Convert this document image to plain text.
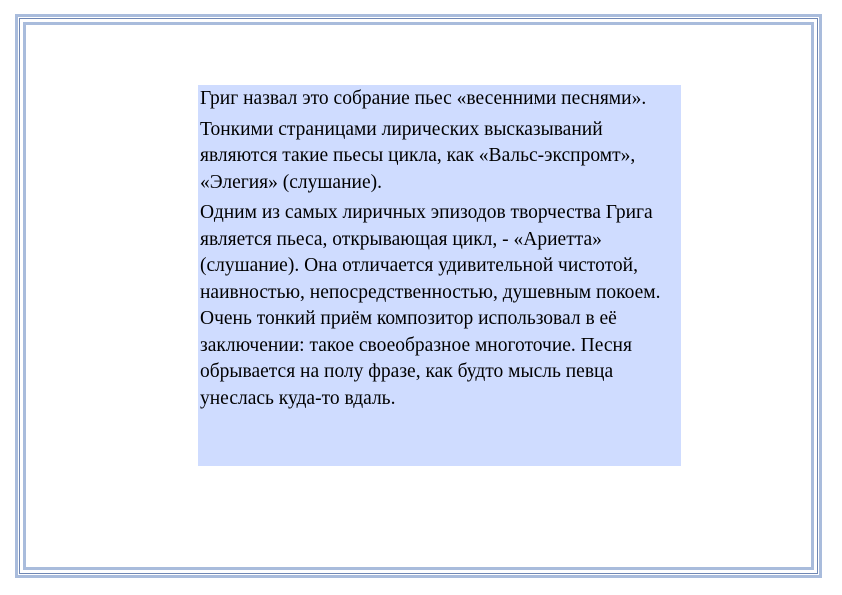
Григ назвал это собрание пьес «весенними песнями».

Тонкими страницами лирических высказываний являются такие пьесы цикла, как «Вальс-экспромт», «Элегия» (слушание).

Одним из самых лиричных эпизодов творчества Грига является пьеса, открывающая цикл, - «Ариетта» (слушание). Она отличается удивительной чистотой, наивностью, непосредственностью, душевным покоем. Очень тонкий приём композитор использовал в её заключении: такое своеобразное многоточие. Песня обрывается на полу фразе, как будто мысль певца унеслась куда-то вдаль.
